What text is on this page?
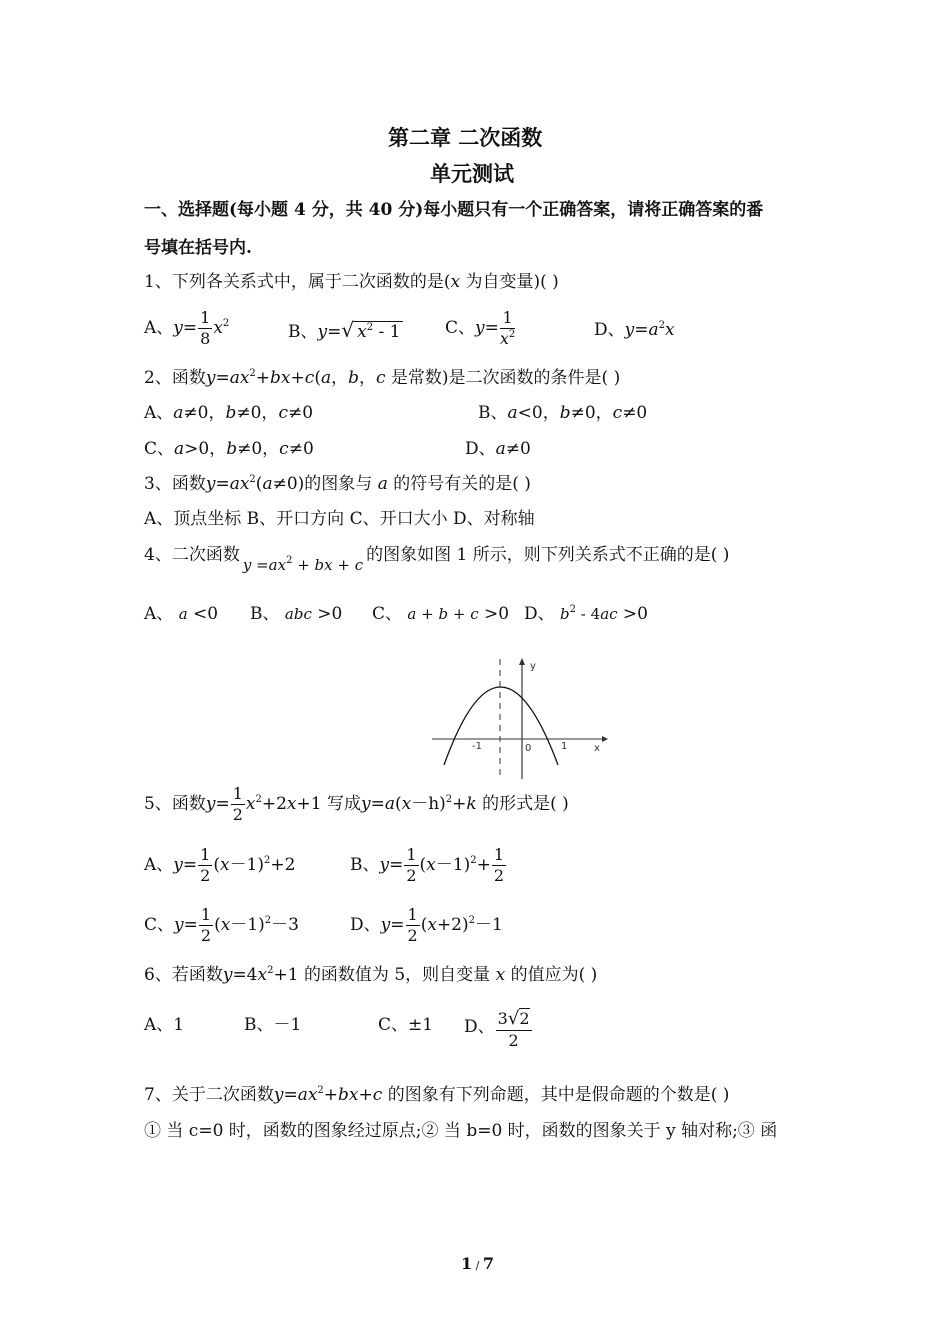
第二章 二次函数
单元测试
一、选择题(每小题 4 分，共 40 分)每小题只有一个正确答案，请将正确答案的番
号填在括号内.
1、下列各关系式中，属于二次函数的是(x 为自变量)( )
A、$y= \frac{1}{8} x^2$	B、y=√ $x^2 - 1$	C、$y= \frac{1}{x^2}$	D、$y=a^2x$
2、函数$y=ax^2+bx+c(a$，b，c 是常数)是二次函数的条件是( )
A、a≠0，b≠0，c≠0	B、a<0，b≠0，c≠0
C、a>0，b≠0，c≠0	D、a≠0
3、函数$y=ax^2(a\ne 0)$的图象与 a 的符号有关的是( )
A、顶点坐标 B、开口方向 C、开口大小 D、对称轴
4、二次函数 $y =ax^2$ + bx + c 的图象如图 1 所示，则下列关系式不正确的是( )
A、 a <0 B、 abc >0 C、 a + b + c >0 D、 $b^2 - 4ac >0$
y
x
-1	0	1
5、函数$y= \frac{1}{2} x^2+2x+1$ 写成$y=a(x-h)^2+k$ 的形式是( )
A、$y= \frac{1}{2} (x-1)^2+2$	B、$y= \frac{1}{2} (x-1)^2+ \frac{1}{2}$
C、$y= \frac{1}{2} (x-1)^2-3$	D、$y= \frac{1}{2} (x+2)^2-1$
6、若函数$y=4x^2+1$ 的函数值为 5，则自变量 x 的值应为( )
A、1	B、－1	C、±1 D、 $\frac{3√2}{2}$
7、关于二次函数$y=ax^2+bx+c$ 的图象有下列命题，其中是假命题的个数是( )
① 当 c=0 时，函数的图象经过原点;② 当 b=0 时，函数的图象关于 y 轴对称;③ 函
1 / 7
